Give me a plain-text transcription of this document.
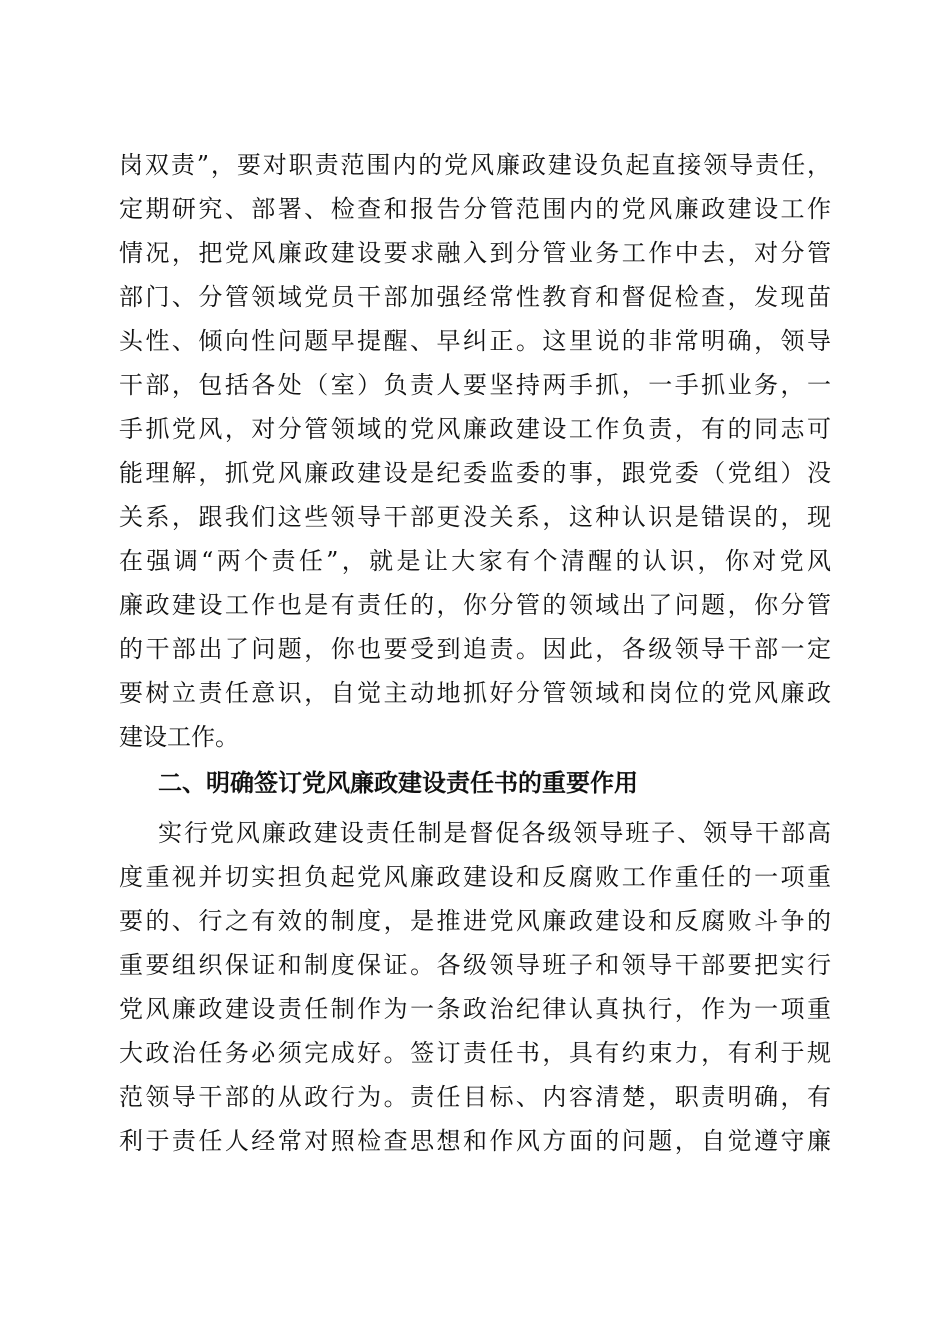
岗双责”，要对职责范围内的党风廉政建设负起直接领导责任，
定期研究、部署、检查和报告分管范围内的党风廉政建设工作
情况，把党风廉政建设要求融入到分管业务工作中去，对分管
部门、分管领域党员干部加强经常性教育和督促检查，发现苗
头性、倾向性问题早提醒、早纠正。这里说的非常明确，领导
干部，包括各处（室）负责人要坚持两手抓，一手抓业务，一
手抓党风，对分管领域的党风廉政建设工作负责，有的同志可
能理解，抓党风廉政建设是纪委监委的事，跟党委（党组）没
关系，跟我们这些领导干部更没关系，这种认识是错误的，现
在强调“两个责任”，就是让大家有个清醒的认识，你对党风
廉政建设工作也是有责任的，你分管的领域出了问题，你分管
的干部出了问题，你也要受到追责。因此，各级领导干部一定
要树立责任意识，自觉主动地抓好分管领域和岗位的党风廉政
建设工作。
二、明确签订党风廉政建设责任书的重要作用
实行党风廉政建设责任制是督促各级领导班子、领导干部高
度重视并切实担负起党风廉政建设和反腐败工作重任的一项重
要的、行之有效的制度，是推进党风廉政建设和反腐败斗争的
重要组织保证和制度保证。各级领导班子和领导干部要把实行
党风廉政建设责任制作为一条政治纪律认真执行，作为一项重
大政治任务必须完成好。签订责任书，具有约束力，有利于规
范领导干部的从政行为。责任目标、内容清楚，职责明确，有
利于责任人经常对照检查思想和作风方面的问题，自觉遵守廉
